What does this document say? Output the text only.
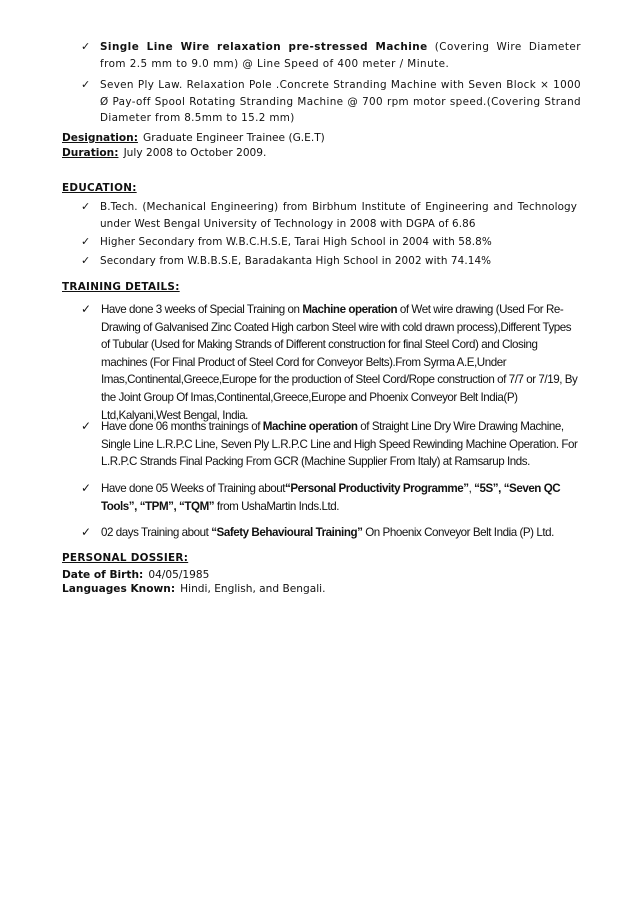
✓ Single Line Wire relaxation pre-stressed Machine (Covering Wire Diameter from 2.5 mm to 9.0 mm) @ Line Speed of 400 meter / Minute.
✓ Seven Ply Law. Relaxation Pole .Concrete Stranding Machine with Seven Block × 1000 Ø Pay-off Spool Rotating Stranding Machine @ 700 rpm motor speed.(Covering Strand Diameter from 8.5mm to 15.2 mm)
Designation: Graduate Engineer Trainee (G.E.T)
Duration: July 2008 to October 2009.
EDUCATION:
✓ B.Tech. (Mechanical Engineering) from Birbhum Institute of Engineering and Technology under West Bengal University of Technology in 2008 with DGPA of 6.86
✓ Higher Secondary from W.B.C.H.S.E, Tarai High School in 2004 with 58.8%
✓ Secondary from W.B.B.S.E, Baradakanta High School in 2002 with 74.14%
TRAINING DETAILS:
✓ Have done 3 weeks of Special Training on Machine operation of Wet wire drawing (Used For Re-Drawing of Galvanised Zinc Coated High carbon Steel wire with cold drawn process),Different Types of Tubular (Used for Making Strands of Different construction for final Steel Cord) and Closing machines (For Final Product of Steel Cord for Conveyor Belts).From Syrma A.E,Under Imas,Continental,Greece,Europe for the production of Steel Cord/Rope construction of 7/7 or 7/19, By the Joint Group Of Imas,Continental,Greece,Europe and Phoenix Conveyor Belt India(P) Ltd,Kalyani,West Bengal, India.
✓ Have done 06 months trainings of Machine operation of Straight Line Dry Wire Drawing Machine, Single Line L.R.P.C Line, Seven Ply L.R.P.C Line and High Speed Rewinding Machine Operation. For L.R.P.C Strands Final Packing From GCR (Machine Supplier From Italy) at Ramsarup Inds.
✓ Have done 05 Weeks of Training about“Personal Productivity Programme”, “5S”, “Seven QC Tools”, “TPM”, “TQM” from UshaMartin Inds.Ltd.
✓ 02 days Training about “Safety Behavioural Training” On Phoenix Conveyor Belt India (P) Ltd.
PERSONAL DOSSIER:
Date of Birth: 04/05/1985
Languages Known: Hindi, English, and Bengali.
